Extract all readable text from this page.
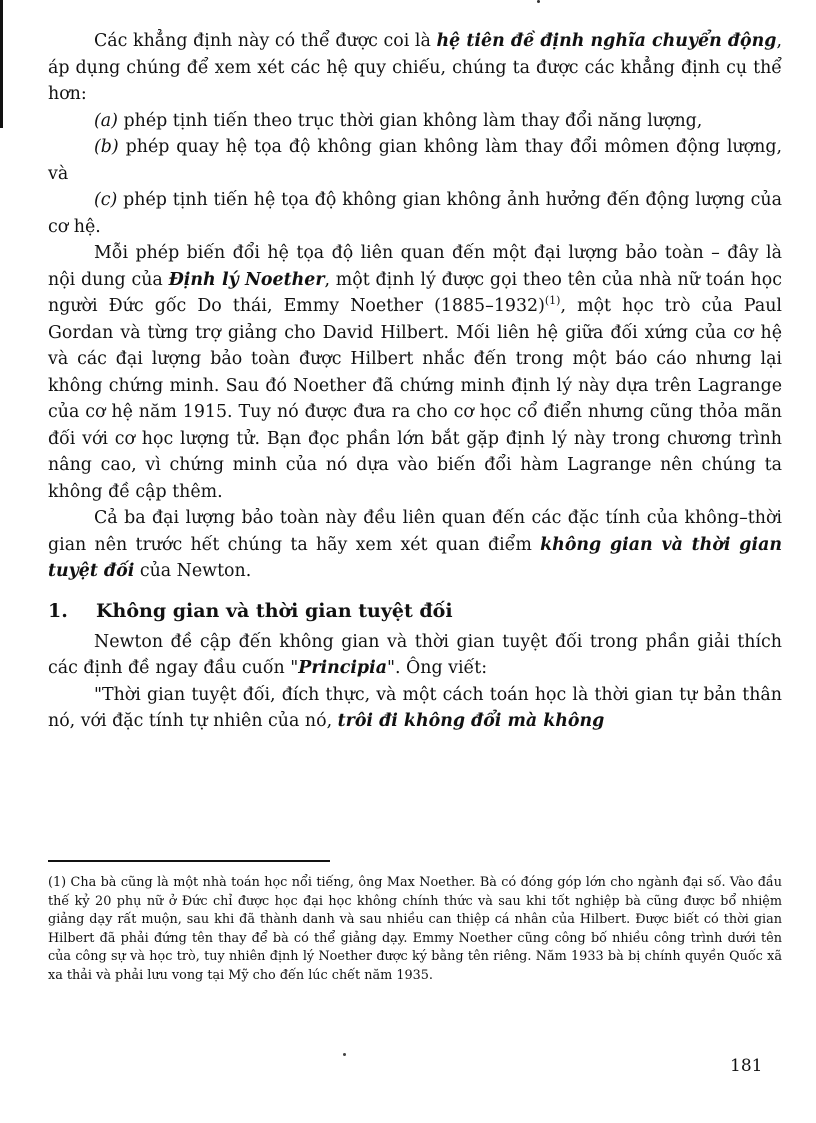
Các khẳng định này có thể được coi là hệ tiên đề định nghĩa chuyển động, áp dụng chúng để xem xét các hệ quy chiếu, chúng ta được các khẳng định cụ thể hơn:

(a) phép tịnh tiến theo trục thời gian không làm thay đổi năng lượng,

(b) phép quay hệ tọa độ không gian không làm thay đổi mômen động lượng, và

(c) phép tịnh tiến hệ tọa độ không gian không ảnh hưởng đến động lượng của cơ hệ.

Mỗi phép biến đổi hệ tọa độ liên quan đến một đại lượng bảo toàn – đây là nội dung của Định lý Noether, một định lý được gọi theo tên của nhà nữ toán học người Đức gốc Do thái, Emmy Noether (1885–1932)$^{(1)}$, một học trò của Paul Gordan và từng trợ giảng cho David Hilbert. Mối liên hệ giữa đối xứng của cơ hệ và các đại lượng bảo toàn được Hilbert nhắc đến trong một báo cáo nhưng lại không chứng minh. Sau đó Noether đã chứng minh định lý này dựa trên Lagrange của cơ hệ năm 1915. Tuy nó được đưa ra cho cơ học cổ điển nhưng cũng thỏa mãn đối với cơ học lượng tử. Bạn đọc phần lớn bắt gặp định lý này trong chương trình nâng cao, vì chứng minh của nó dựa vào biến đổi hàm Lagrange nên chúng ta không đề cập thêm.

Cả ba đại lượng bảo toàn này đều liên quan đến các đặc tính của không–thời gian nên trước hết chúng ta hãy xem xét quan điểm không gian và thời gian tuyệt đối của Newton.

1.	Không gian và thời gian tuyệt đối

Newton đề cập đến không gian và thời gian tuyệt đối trong phần giải thích các định đề ngay đầu cuốn "Principia". Ông viết:

"Thời gian tuyệt đối, đích thực, và một cách toán học là thời gian tự bản thân nó, với đặc tính tự nhiên của nó, trôi đi không đổi mà không

(1) Cha bà cũng là một nhà toán học nổi tiếng, ông Max Noether. Bà có đóng góp lớn cho ngành đại số. Vào đầu thế kỷ 20 phụ nữ ở Đức chỉ được học đại học không chính thức và sau khi tốt nghiệp bà cũng được bổ nhiệm giảng dạy rất muộn, sau khi đã thành danh và sau nhiều can thiệp cá nhân của Hilbert. Được biết có thời gian Hilbert đã phải đứng tên thay để bà có thể giảng dạy. Emmy Noether cũng công bố nhiều công trình dưới tên của công sự và học trò, tuy nhiên định lý Noether được ký bằng tên riêng. Năm 1933 bà bị chính quyền Quốc xã xa thải và phải lưu vong tại Mỹ cho đến lúc chết năm 1935.

181
